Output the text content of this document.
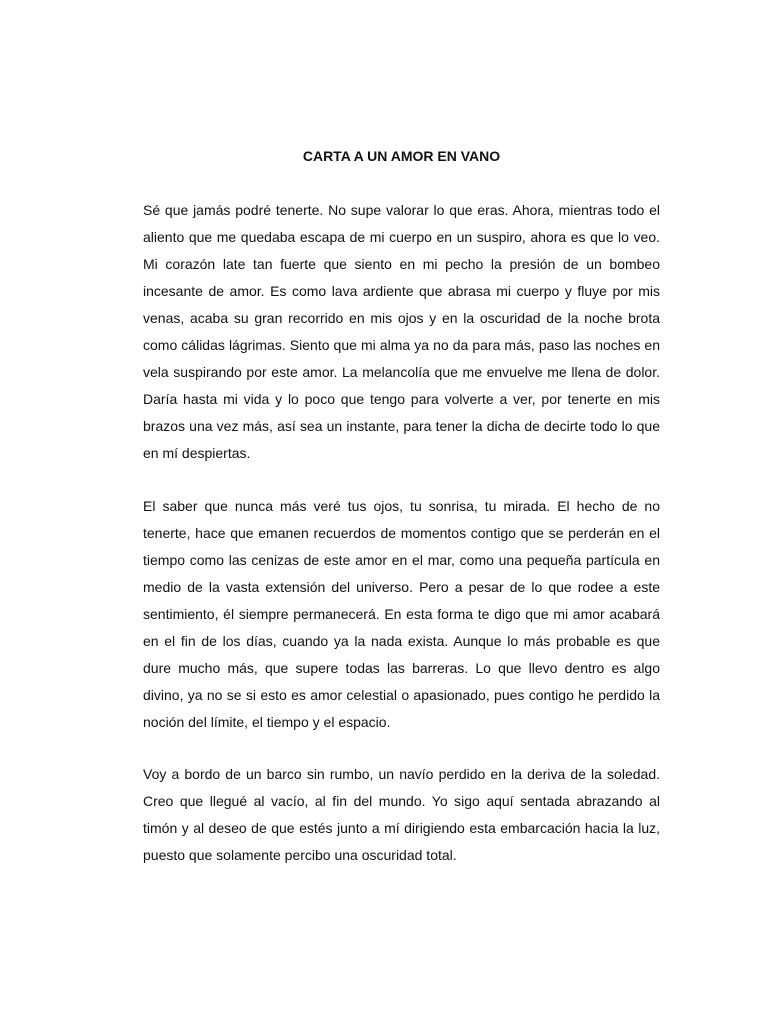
CARTA A UN AMOR EN VANO

Sé que jamás podré tenerte. No supe valorar lo que eras. Ahora, mientras todo el aliento que me quedaba escapa de mi cuerpo en un suspiro, ahora es que lo veo. Mi corazón late tan fuerte que siento en mi pecho la presión de un bombeo incesante de amor. Es como lava ardiente que abrasa mi cuerpo y fluye por mis venas, acaba su gran recorrido en mis ojos y en la oscuridad de la noche brota como cálidas lágrimas. Siento que mi alma ya no da para más, paso las noches en vela suspirando por este amor. La melancolía que me envuelve me llena de dolor. Daría hasta mi vida y lo poco que tengo para volverte a ver, por tenerte en mis brazos una vez más, así sea un instante, para tener la dicha de decirte todo lo que en mí despiertas.

El saber que nunca más veré tus ojos, tu sonrisa, tu mirada. El hecho de no tenerte, hace que emanen recuerdos de momentos contigo que se perderán en el tiempo como las cenizas de este amor en el mar, como una pequeña partícula en medio de la vasta extensión del universo. Pero a pesar de lo que rodee a este sentimiento, él siempre permanecerá. En esta forma te digo que mi amor acabará en el fin de los días, cuando ya la nada exista. Aunque lo más probable es que dure mucho más, que supere todas las barreras. Lo que llevo dentro es algo divino, ya no se si esto es amor celestial o apasionado, pues contigo he perdido la noción del límite, el tiempo y el espacio.

Voy a bordo de un barco sin rumbo, un navío perdido en la deriva de la soledad. Creo que llegué al vacío, al fin del mundo. Yo sigo aquí sentada abrazando al timón y al deseo de que estés junto a mí dirigiendo esta embarcación hacia la luz, puesto que solamente percibo una oscuridad total.
